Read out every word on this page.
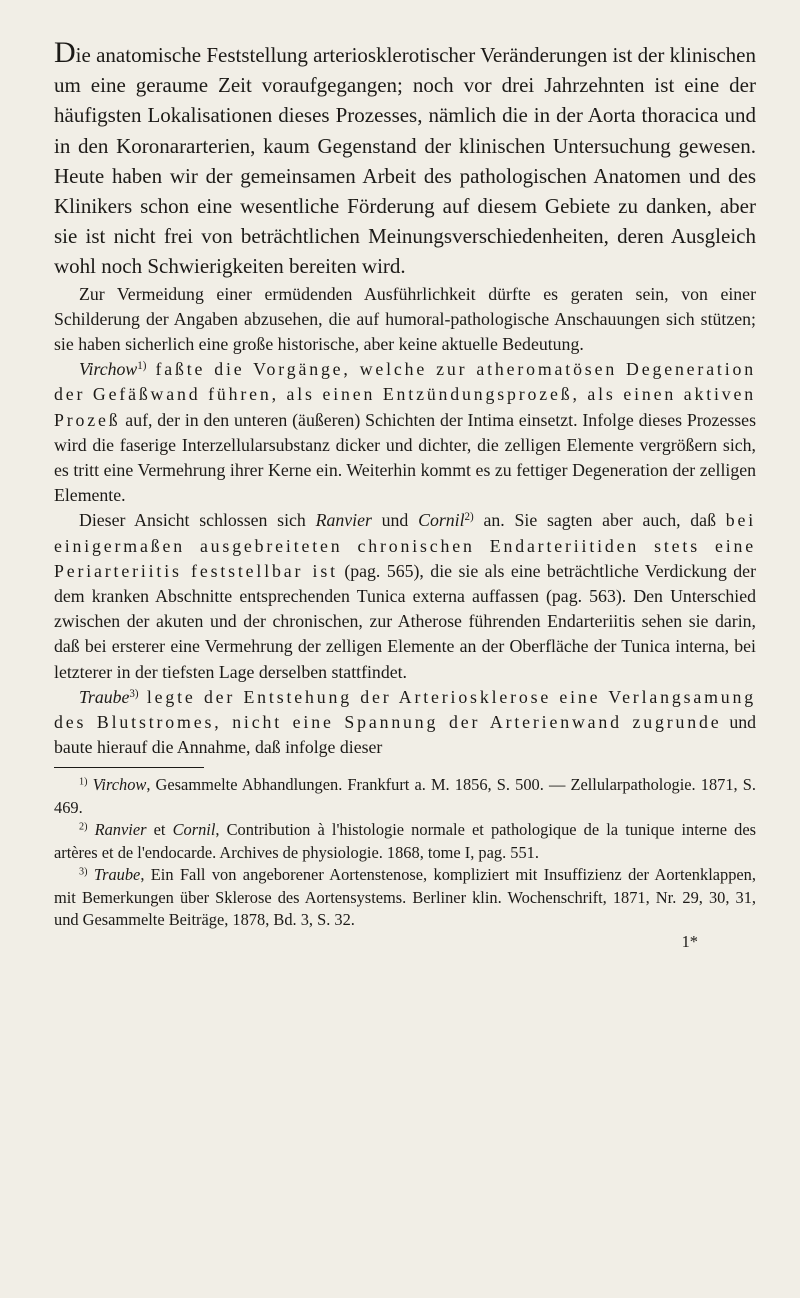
Die anatomische Feststellung arteriosklerotischer Veränderungen ist der klinischen um eine geraume Zeit voraufgegangen; noch vor drei Jahrzehnten ist eine der häufigsten Lokalisationen dieses Prozesses, nämlich die in der Aorta thoracica und in den Koronararterien, kaum Gegenstand der klinischen Untersuchung gewesen. Heute haben wir der gemeinsamen Arbeit des pathologischen Anatomen und des Klinikers schon eine wesentliche Förderung auf diesem Gebiete zu danken, aber sie ist nicht frei von beträchtlichen Meinungsverschiedenheiten, deren Ausgleich wohl noch Schwierigkeiten bereiten wird.

Zur Vermeidung einer ermüdenden Ausführlichkeit dürfte es geraten sein, von einer Schilderung der Angaben abzusehen, die auf humoral-pathologische Anschauungen sich stützen; sie haben sicherlich eine große historische, aber keine aktuelle Bedeutung.

Virchow$^{1)}$ faßte die Vorgänge, welche zur atheromatösen Degeneration der Gefäßwand führen, als einen Entzündungsprozeß, als einen aktiven Prozeß auf, der in den unteren (äußeren) Schichten der Intima einsetzt. Infolge dieses Prozesses wird die faserige Interzellularsubstanz dicker und dichter, die zelligen Elemente vergrößern sich, es tritt eine Vermehrung ihrer Kerne ein. Weiterhin kommt es zu fettiger Degeneration der zelligen Elemente.

Dieser Ansicht schlossen sich Ranvier und Cornil$^{2)}$ an. Sie sagten aber auch, daß bei einigermaßen ausgebreiteten chronischen Endarteriitiden stets eine Periarteriitis feststellbar ist (pag. 565), die sie als eine beträchtliche Verdickung der dem kranken Abschnitte entsprechenden Tunica externa auffassen (pag. 563). Den Unterschied zwischen der akuten und der chronischen, zur Atherose führenden Endarteriitis sehen sie darin, daß bei ersterer eine Vermehrung der zelligen Elemente an der Oberfläche der Tunica interna, bei letzterer in der tiefsten Lage derselben stattfindet.

Traube$^{3)}$ legte der Entstehung der Arteriosklerose eine Verlangsamung des Blutstromes, nicht eine Spannung der Arterienwand zugrunde und baute hierauf die Annahme, daß infolge dieser

$^{1)}$ Virchow, Gesammelte Abhandlungen. Frankfurt a. M. 1856, S. 500. — Zellularpathologie. 1871, S. 469.

$^{2)}$ Ranvier et Cornil, Contribution à l'histologie normale et pathologique de la tunique interne des artères et de l'endocarde. Archives de physiologie. 1868, tome I, pag. 551.

$^{3)}$ Traube, Ein Fall von angeborener Aortenstenose, kompliziert mit Insuffizienz der Aortenklappen, mit Bemerkungen über Sklerose des Aortensystems. Berliner klin. Wochenschrift, 1871, Nr. 29, 30, 31, und Gesammelte Beiträge, 1878, Bd. 3, S. 32.

1*
